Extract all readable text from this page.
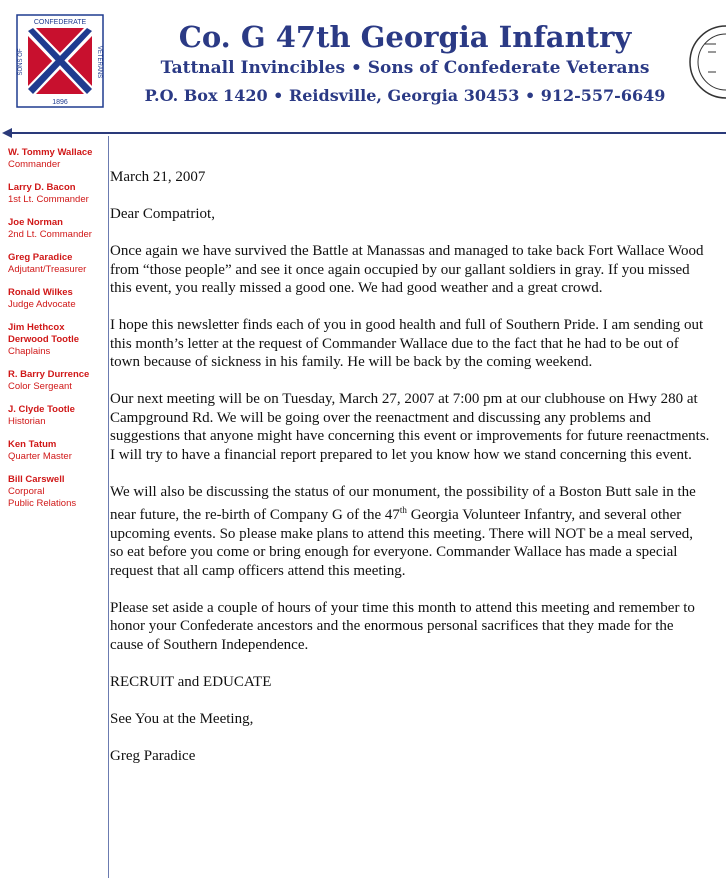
CONFEDERATE
SONS OF	VETERANS
1896
Co. G 47th Georgia Infantry
Tattnall Invincibles • Sons of Confederate Veterans
P.O. Box 1420 • Reidsville, Georgia 30453 • 912-557-6649
W. Tommy Wallace
Commander
Larry D. Bacon
1st Lt. Commander
Joe Norman
2nd Lt. Commander
Greg Paradice
Adjutant/Treasurer
Ronald Wilkes
Judge Advocate
Jim Hethcox
Derwood Tootle
Chaplains
R. Barry Durrence
Color Sergeant
J. Clyde Tootle
Historian
Ken Tatum
Quarter Master
Bill Carswell
Corporal
Public Relations

March 21, 2007

Dear Compatriot,

Once again we have survived the Battle at Manassas and managed to take back Fort Wallace Wood from “those people” and see it once again occupied by our gallant soldiers in gray. If you missed this event, you really missed a good one. We had good weather and a great crowd.

I hope this newsletter finds each of you in good health and full of Southern Pride. I am sending out this month’s letter at the request of Commander Wallace due to the fact that he had to be out of town because of sickness in his family. He will be back by the coming weekend.

Our next meeting will be on Tuesday, March 27, 2007 at 7:00 pm at our clubhouse on Hwy 280 at Campground Rd. We will be going over the reenactment and discussing any problems and suggestions that anyone might have concerning this event or improvements for future reenactments. I will try to have a financial report prepared to let you know how we stand concerning this event.

We will also be discussing the status of our monument, the possibility of a Boston Butt sale in the near future, the re-birth of Company G of the 47th Georgia Volunteer Infantry, and several other upcoming events. So please make plans to attend this meeting. There will NOT be a meal served, so eat before you come or bring enough for everyone. Commander Wallace has made a special request that all camp officers attend this meeting.

Please set aside a couple of hours of your time this month to attend this meeting and remember to honor your Confederate ancestors and the enormous personal sacrifices that they made for the cause of Southern Independence.

RECRUIT and EDUCATE

See You at the Meeting,

Greg Paradice
